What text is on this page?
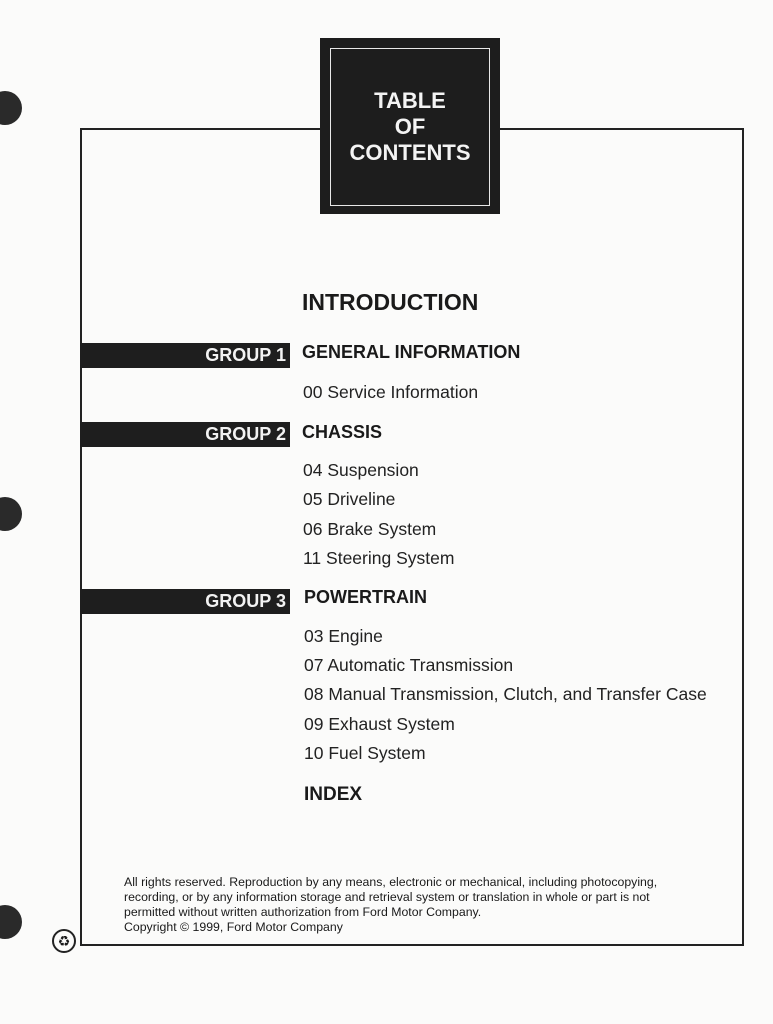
TABLE
OF
CONTENTS
INTRODUCTION
GROUP 1 GENERAL INFORMATION
00 Service Information
GROUP 2 CHASSIS
04 Suspension
05 Driveline
06 Brake System
11 Steering System
GROUP 3 POWERTRAIN
03 Engine
07 Automatic Transmission
08 Manual Transmission, Clutch, and Transfer Case
09 Exhaust System
10 Fuel System
INDEX
All rights reserved. Reproduction by any means, electronic or mechanical, including photocopying,
recording, or by any information storage and retrieval system or translation in whole or part is not
permitted without written authorization from Ford Motor Company.
Copyright © 1999, Ford Motor Company
♻
